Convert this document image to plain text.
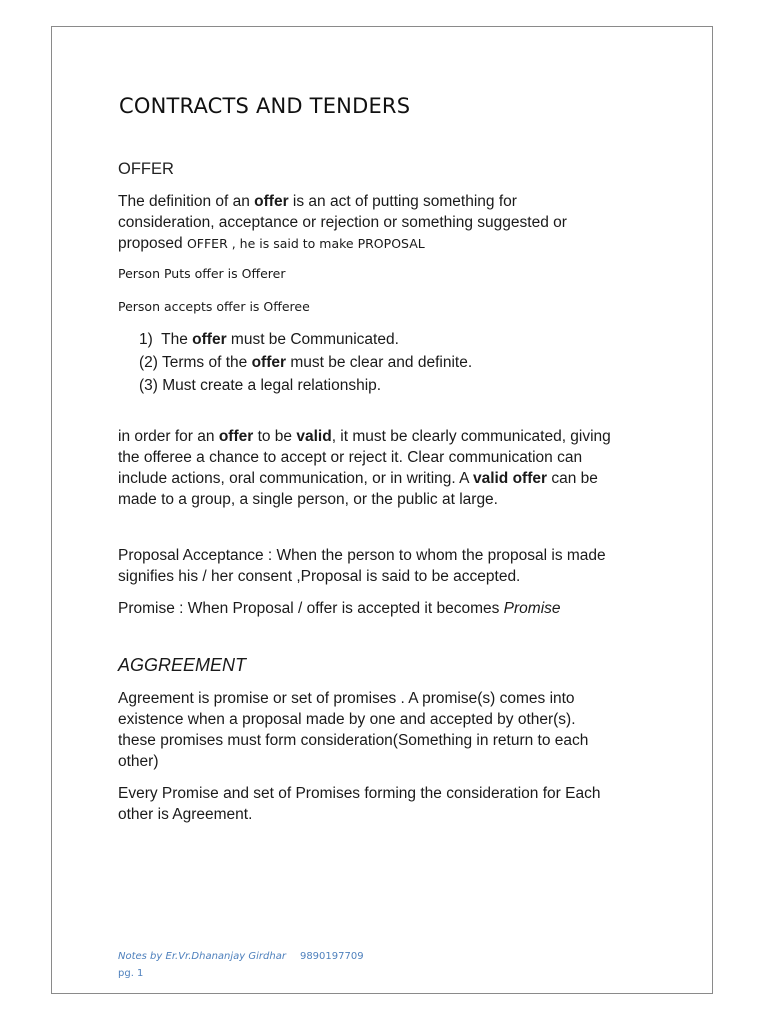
CONTRACTS AND TENDERS
OFFER
The definition of an offer is an act of putting something for
consideration, acceptance or rejection or something suggested or
proposed OFFER , he is said to make PROPOSAL
Person Puts offer is Offerer
Person accepts offer is Offeree
1) The offer must be Communicated.
(2) Terms of the offer must be clear and definite.
(3) Must create a legal relationship.
in order for an offer to be valid, it must be clearly communicated, giving
the offeree a chance to accept or reject it. Clear communication can
include actions, oral communication, or in writing. A valid offer can be
made to a group, a single person, or the public at large.
Proposal Acceptance : When the person to whom the proposal is made
signifies his / her consent ,Proposal is said to be accepted.
Promise : When Proposal / offer is accepted it becomes Promise
AGGREEMENT
Agreement is promise or set of promises . A promise(s) comes into
existence when a proposal made by one and accepted by other(s).
these promises must form consideration(Something in return to each
other)
Every Promise and set of Promises forming the consideration for Each
other is Agreement.
Notes by Er.Vr.Dhananjay Girdhar 9890197709
pg. 1
